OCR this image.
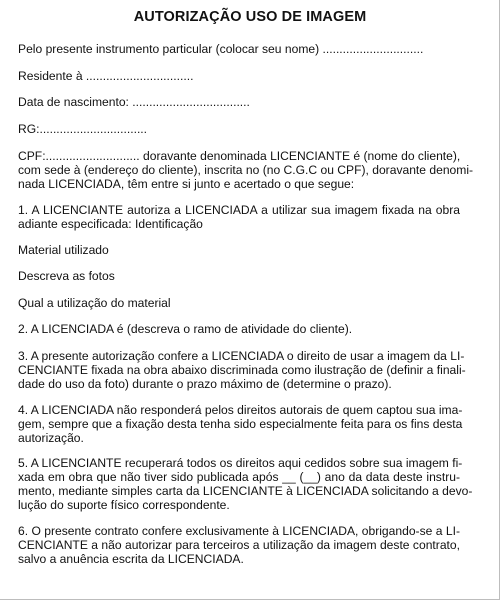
AUTORIZAÇÃO USO DE IMAGEM
Pelo presente instrumento particular (colocar seu nome) ..............................
Residente à ................................
Data de nascimento: ...................................
RG:................................
CPF:............................ doravante denominada LICENCIANTE é (nome do cliente),
com sede à (endereço do cliente), inscrita no (no C.G.C ou CPF), doravante denomi-
nada LICENCIADA, têm entre si junto e acertado o que segue:
1. A LICENCIANTE autoriza a LICENCIADA a utilizar sua imagem fixada na obra
adiante especificada: Identificação
Material utilizado
Descreva as fotos
Qual a utilização do material
2. A LICENCIADA é (descreva o ramo de atividade do cliente).
3. A presente autorização confere a LICENCIADA o direito de usar a imagem da LI-
CENCIANTE fixada na obra abaixo discriminada como ilustração de (definir a finali-
dade do uso da foto) durante o prazo máximo de (determine o prazo).
4. A LICENCIADA não responderá pelos direitos autorais de quem captou sua ima-
gem, sempre que a fixação desta tenha sido especialmente feita para os fins desta
autorização.
5. A LICENCIANTE recuperará todos os direitos aqui cedidos sobre sua imagem fi-
xada em obra que não tiver sido publicada após __ (__) ano da data deste instru-
mento, mediante simples carta da LICENCIANTE à LICENCIADA solicitando a devo-
lução do suporte físico correspondente.
6. O presente contrato confere exclusivamente à LICENCIADA, obrigando-se a LI-
CENCIANTE a não autorizar para terceiros a utilização da imagem deste contrato,
salvo a anuência escrita da LICENCIADA.
